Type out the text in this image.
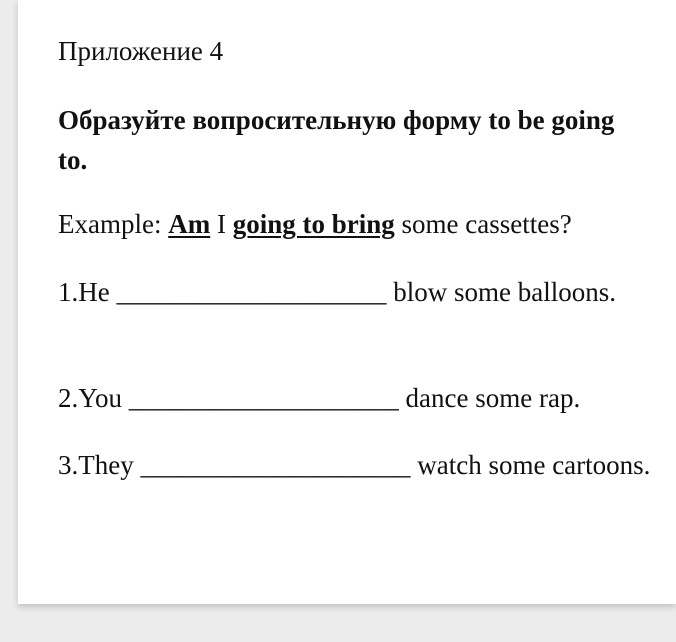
Приложение 4
Образуйте вопросительную форму to be going to.
Example: Am I going to bring some cassettes?
1.He ____________________ blow some balloons.
2.You ____________________ dance some rap.
3.They ____________________ watch some cartoons.
